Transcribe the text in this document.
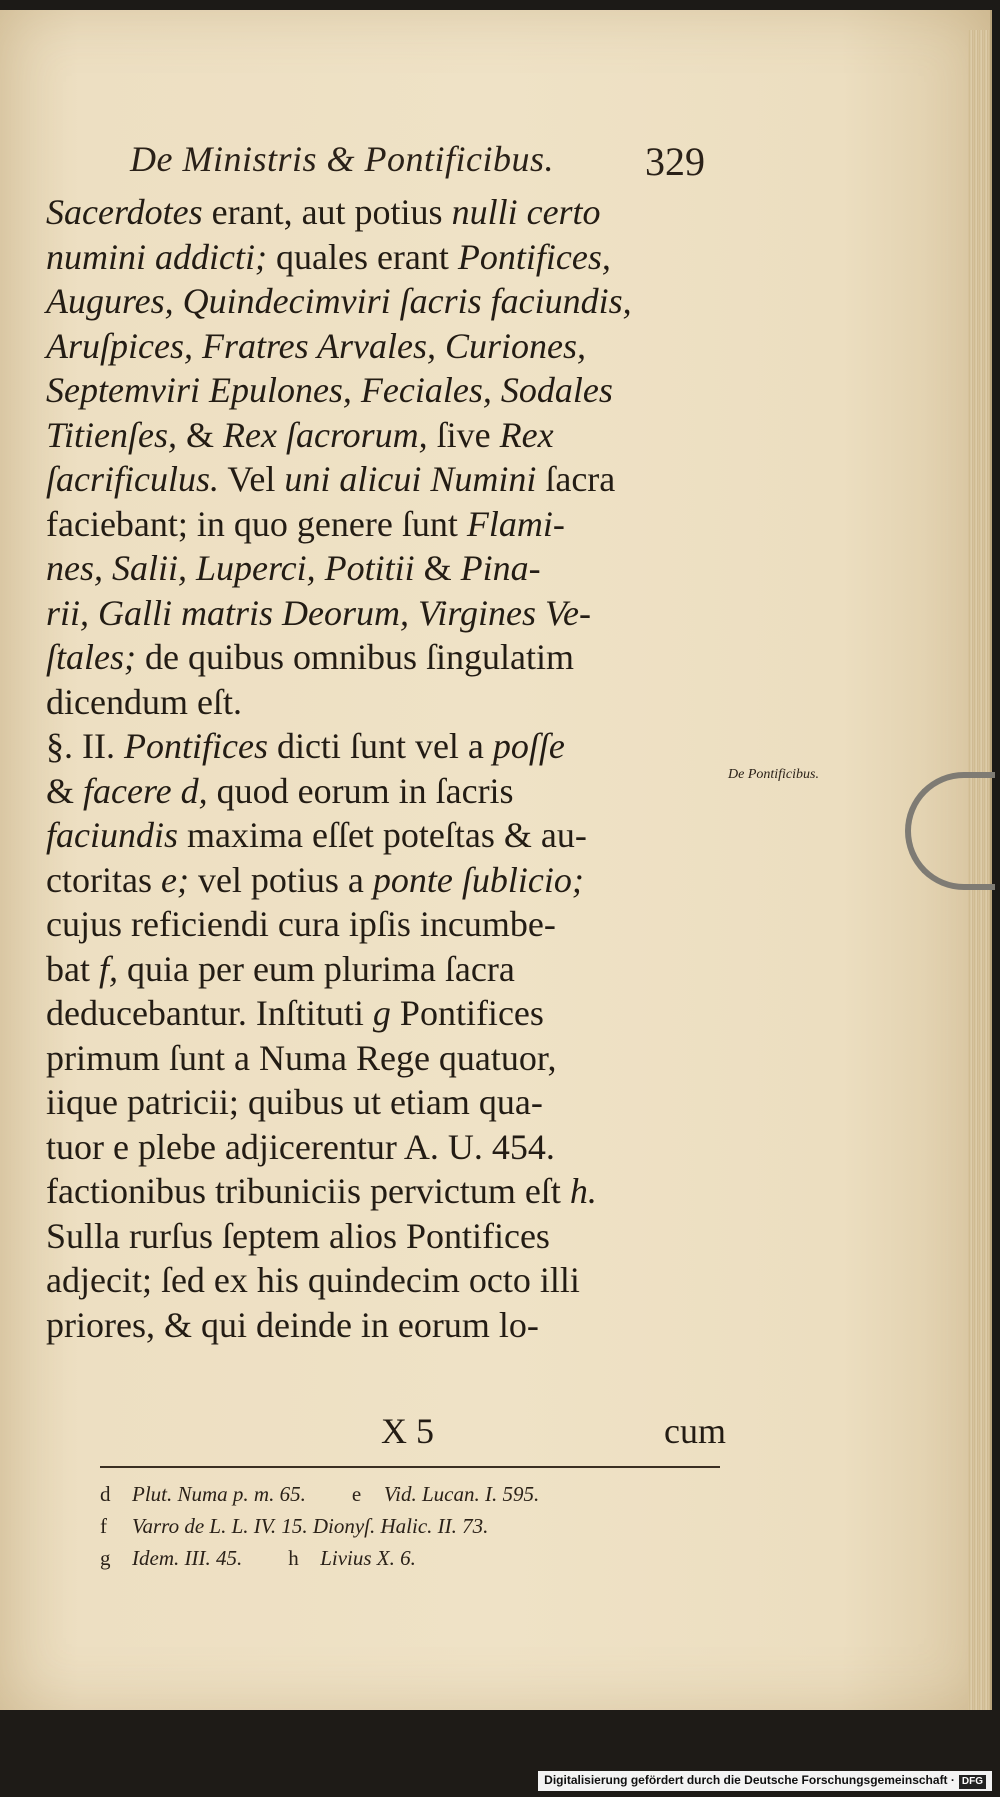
De Ministris & Pontificibus.	329
Sacerdotes erant, aut potius nulli certo
numini addicti; quales erant Pontifices,
Augures, Quindecimviri ſacris faciundis,
Aruſpices, Fratres Arvales, Curiones,
Septemviri Epulones, Feciales, Sodales
Titienſes, & Rex ſacrorum, ſive Rex
ſacrificulus. Vel uni alicui Numini ſacra
faciebant; in quo genere ſunt Flami-
nes, Salii, Luperci, Potitii & Pina-
rii, Galli matris Deorum, Virgines Ve-
ſtales; de quibus omnibus ſingulatim
dicendum eſt.
§. II. Pontifices dicti ſunt vel a poſſe
& facere d, quod eorum in ſacris
faciundis maxima eſſet poteſtas & au-
ctoritas e; vel potius a ponte ſublicio;
cujus reficiendi cura ipſis incumbe-
bat f, quia per eum plurima ſacra
deducebantur. Inſtituti g Pontifices
primum ſunt a Numa Rege quatuor,
iique patricii; quibus ut etiam qua-
tuor e plebe adjicerentur A. U. 454.
factionibus tribuniciis pervictum eſt h.
Sulla rurſus ſeptem alios Pontifices
adjecit; ſed ex his quindecim octo illi
priores, & qui deinde in eorum lo-
De Pontificibus.
X 5	cum
d Plut. Numa p. m. 65. e Vid. Lucan. I. 595.
f Varro de L. L. IV. 15. Dionyſ. Halic. II. 73.
g Idem. III. 45. h Livius X. 6.
Digitalisierung gefördert durch die Deutsche Forschungsgemeinschaft · DFG
